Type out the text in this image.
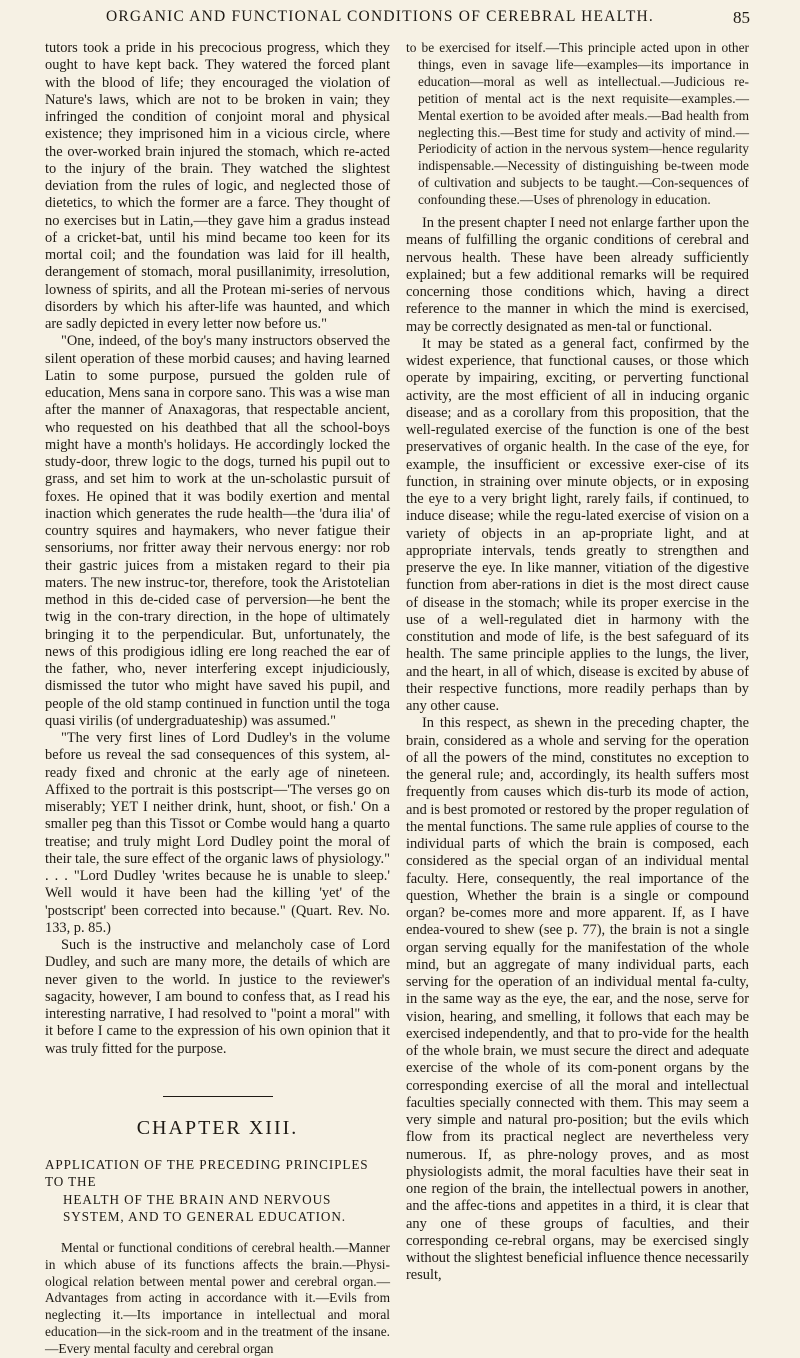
ORGANIC AND FUNCTIONAL CONDITIONS OF CEREBRAL HEALTH.	85

tutors took a pride in his precocious progress, which they ought to have kept back. They watered the forced plant with the blood of life; they encouraged the violation of Nature's laws, which are not to be broken in vain; they infringed the condition of conjoint moral and physical existence; they imprisoned him in a vicious circle, where the over-worked brain injured the stomach, which re-acted to the injury of the brain. They watched the slightest deviation from the rules of logic, and neglected those of dietetics, to which the former are a farce. They thought of no exercises but in Latin,—they gave him a gradus instead of a cricket-bat, until his mind became too keen for its mortal coil; and the foundation was laid for ill health, derangement of stomach, moral pusillanimity, irresolution, lowness of spirits, and all the Protean mi-series of nervous disorders by which his after-life was haunted, and which are sadly depicted in every letter now before us."

"One, indeed, of the boy's many instructors observed the silent operation of these morbid causes; and having learned Latin to some purpose, pursued the golden rule of education, Mens sana in corpore sano. This was a wise man after the manner of Anaxagoras, that respectable ancient, who requested on his deathbed that all the school-boys might have a month's holidays. He accordingly locked the study-door, threw logic to the dogs, turned his pupil out to grass, and set him to work at the un-scholastic pursuit of foxes. He opined that it was bodily exertion and mental inaction which generates the rude health—the 'dura ilia' of country squires and haymakers, who never fatigue their sensoriums, nor fritter away their nervous energy: nor rob their gastric juices from a mistaken regard to their pia maters. The new instruc-tor, therefore, took the Aristotelian method in this de-cided case of perversion—he bent the twig in the con-trary direction, in the hope of ultimately bringing it to the perpendicular. But, unfortunately, the news of this prodigious idling ere long reached the ear of the father, who, never interfering except injudiciously, dismissed the tutor who might have saved his pupil, and people of the old stamp continued in function until the toga quasi virilis (of undergraduateship) was assumed."

"The very first lines of Lord Dudley's in the volume before us reveal the sad consequences of this system, al-ready fixed and chronic at the early age of nineteen. Affixed to the portrait is this postscript—'The verses go on miserably; YET I neither drink, hunt, shoot, or fish.' On a smaller peg than this Tissot or Combe would hang a quarto treatise; and truly might Lord Dudley point the moral of their tale, the sure effect of the organic laws of physiology." . . . "Lord Dudley 'writes because he is unable to sleep.' Well would it have been had the killing 'yet' of the 'postscript' been corrected into because." (Quart. Rev. No. 133, p. 85.)

Such is the instructive and melancholy case of Lord Dudley, and such are many more, the details of which are never given to the world. In justice to the reviewer's sagacity, however, I am bound to confess that, as I read his interesting narrative, I had resolved to "point a moral" with it before I came to the expression of his own opinion that it was truly fitted for the purpose.

CHAPTER XIII.
APPLICATION OF THE PRECEDING PRINCIPLES TO THE
HEALTH OF THE BRAIN AND NERVOUS SYSTEM, AND TO GENERAL EDUCATION.

Mental or functional conditions of cerebral health.—Manner in which abuse of its functions affects the brain.—Physi-ological relation between mental power and cerebral organ.—Advantages from acting in accordance with it.—Evils from neglecting it.—Its importance in intellectual and moral education—in the sick-room and in the treatment of the insane.—Every mental faculty and cerebral organ

to be exercised for itself.—This principle acted upon in other things, even in savage life—examples—its importance in education—moral as well as intellectual.—Judicious re-petition of mental act is the next requisite—examples.—Mental exertion to be avoided after meals.—Bad health from neglecting this.—Best time for study and activity of mind.—Periodicity of action in the nervous system—hence regularity indispensable.—Necessity of distinguishing be-tween mode of cultivation and subjects to be taught.—Con-sequences of confounding these.—Uses of phrenology in education.

In the present chapter I need not enlarge farther upon the means of fulfilling the organic conditions of cerebral and nervous health. These have been already sufficiently explained; but a few additional remarks will be required concerning those conditions which, having a direct reference to the manner in which the mind is exercised, may be correctly designated as men-tal or functional.

It may be stated as a general fact, confirmed by the widest experience, that functional causes, or those which operate by impairing, exciting, or perverting functional activity, are the most efficient of all in inducing organic disease; and as a corollary from this proposition, that the well-regulated exercise of the function is one of the best preservatives of organic health. In the case of the eye, for example, the insufficient or excessive exer-cise of its function, in straining over minute objects, or in exposing the eye to a very bright light, rarely fails, if continued, to induce disease; while the regu-lated exercise of vision on a variety of objects in an ap-propriate light, and at appropriate intervals, tends greatly to strengthen and preserve the eye. In like manner, vitiation of the digestive function from aber-rations in diet is the most direct cause of disease in the stomach; while its proper exercise in the use of a well-regulated diet in harmony with the constitution and mode of life, is the best safeguard of its health. The same principle applies to the lungs, the liver, and the heart, in all of which, disease is excited by abuse of their respective functions, more readily perhaps than by any other cause.

In this respect, as shewn in the preceding chapter, the brain, considered as a whole and serving for the operation of all the powers of the mind, constitutes no exception to the general rule; and, accordingly, its health suffers most frequently from causes which dis-turb its mode of action, and is best promoted or restored by the proper regulation of the mental functions. The same rule applies of course to the individual parts of which the brain is composed, each considered as the special organ of an individual mental faculty. Here, consequently, the real importance of the question, Whether the brain is a single or compound organ? be-comes more and more apparent. If, as I have endea-voured to shew (see p. 77), the brain is not a single organ serving equally for the manifestation of the whole mind, but an aggregate of many individual parts, each serving for the operation of an individual mental fa-culty, in the same way as the eye, the ear, and the nose, serve for vision, hearing, and smelling, it follows that each may be exercised independently, and that to pro-vide for the health of the whole brain, we must secure the direct and adequate exercise of the whole of its com-ponent organs by the corresponding exercise of all the moral and intellectual faculties specially connected with them. This may seem a very simple and natural pro-position; but the evils which flow from its practical neglect are nevertheless very numerous. If, as phre-nology proves, and as most physiologists admit, the moral faculties have their seat in one region of the brain, the intellectual powers in another, and the affec-tions and appetites in a third, it is clear that any one of these groups of faculties, and their corresponding ce-rebral organs, may be exercised singly without the slightest beneficial influence thence necessarily result,
